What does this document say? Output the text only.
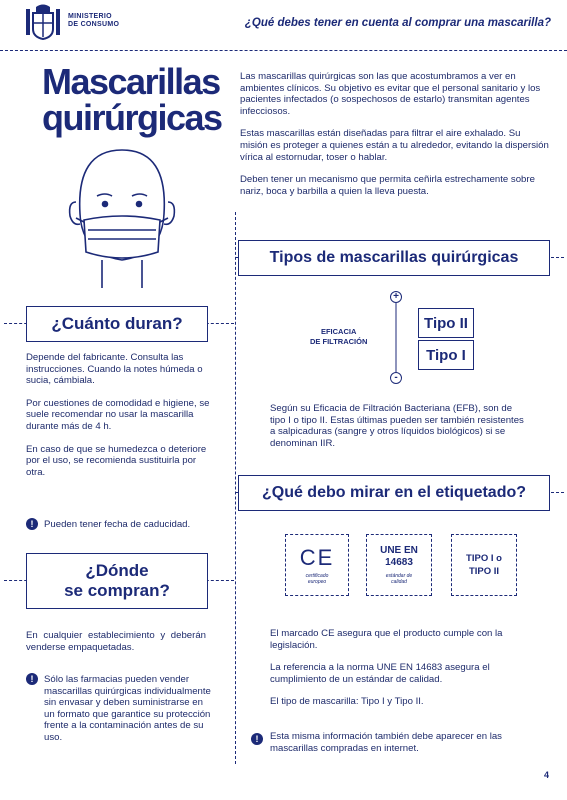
MINISTERIO
DE CONSUMO	¿Qué debes tener en cuenta al comprar una mascarilla?
Mascarillas
quirúrgicas

Las mascarillas quirúrgicas son las que acostumbramos a ver en ambientes clínicos. Su objetivo es evitar que el personal sanitario y los pacientes infectados (o sospechosos de estarlo) transmitan agentes infecciosos.

Estas mascarillas están diseñadas para filtrar el aire exhalado. Su misión es proteger a quienes están a tu alrededor, evitando la dispersión vírica al estornudar, toser o hablar.

Deben tener un mecanismo que permita ceñirla estrechamente sobre nariz, boca y barbilla a quien la lleva puesta.

Tipos de mascarillas quirúrgicas
EFICACIA
DE FILTRACIÓN
+
-
Tipo II
Tipo I

Según su Eficacia de Filtración Bacteriana (EFB), son de tipo I o tipo II. Estas últimas pueden ser también resistentes a salpicaduras (sangre y otros líquidos biológicos) si se denominan IIR.

¿Qué debo mirar en el etiquetado?
CE
certificado
europeo
UNE EN 14683
estándar de
calidad
TIPO I o TIPO II

El marcado CE asegura que el producto cumple con la legislación.

La referencia a la norma UNE EN 14683 asegura el cumplimiento de un estándar de calidad.

El tipo de mascarilla: Tipo I y Tipo II.

!	Esta misma información también debe aparecer en las mascarillas compradas en internet.

¿Cuánto duran?

Depende del fabricante. Consulta las instrucciones. Cuando la notes húmeda o sucia, cámbiala.

Por cuestiones de comodidad e higiene, se suele recomendar no usar la mascarilla durante más de 4 h.

En caso de que se humedezca o deteriore por el uso, se recomienda sustituirla por otra.

!	Pueden tener fecha de caducidad.

¿Dónde
se compran?

En cualquier establecimiento y deberán venderse empaquetadas.

!	Sólo las farmacias pueden vender mascarillas quirúrgicas individualmente sin envasar y deben suministrarse en un formato que garantice su protección frente a la contaminación antes de su uso.

4
